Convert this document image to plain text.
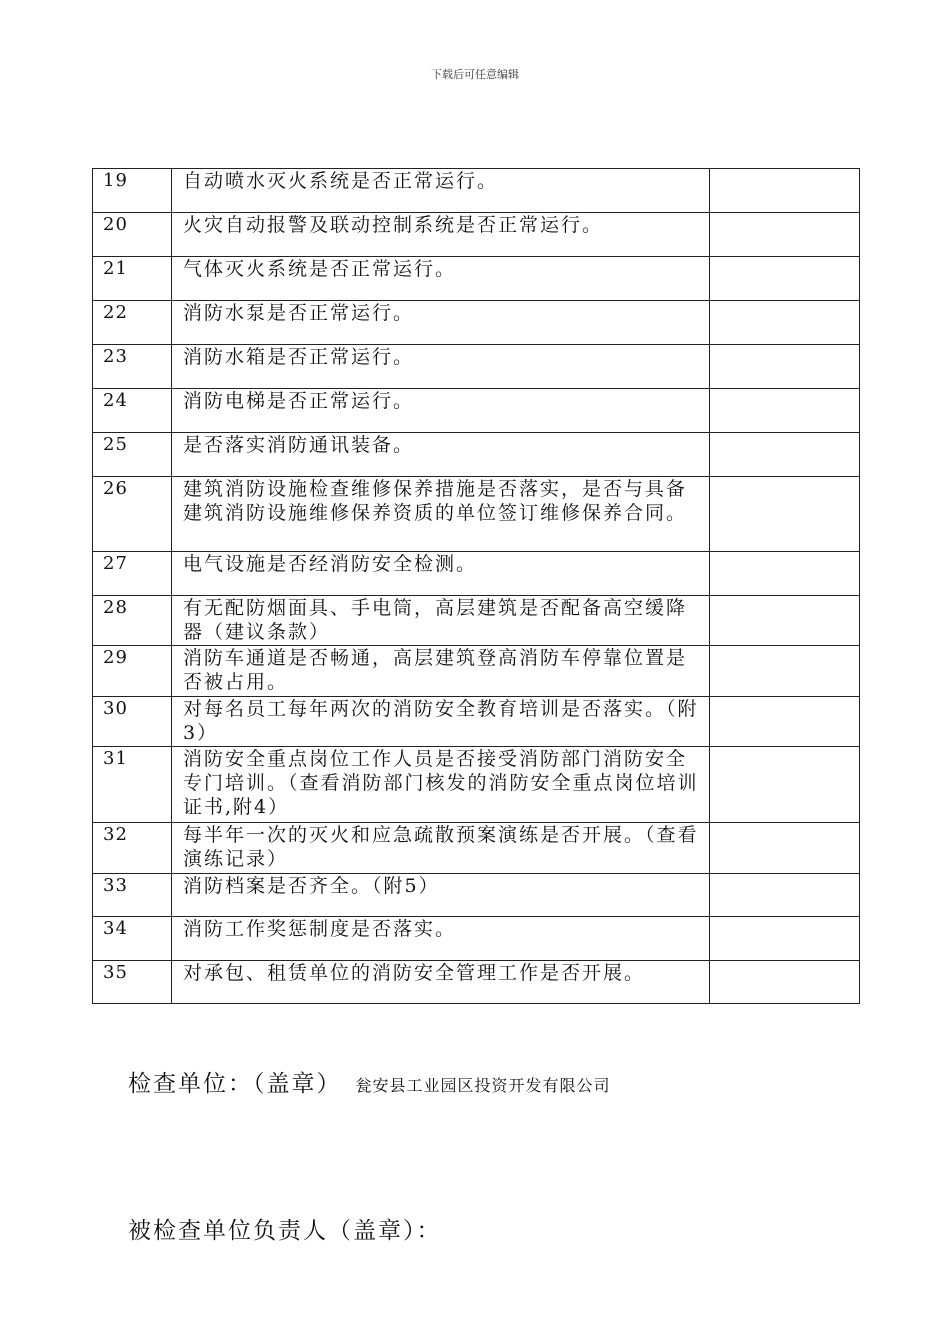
下载后可任意编辑
19	自动喷水灭火系统是否正常运行。	
20	火灾自动报警及联动控制系统是否正常运行。	
21	气体灭火系统是否正常运行。	
22	消防水泵是否正常运行。	
23	消防水箱是否正常运行。	
24	消防电梯是否正常运行。	
25	是否落实消防通讯装备。	
26	建筑消防设施检查维修保养措施是否落实，是否与具备建筑消防设施维修保养资质的单位签订维修保养合同。	
27	电气设施是否经消防安全检测。	
28	有无配防烟面具、手电筒，高层建筑是否配备高空缓降器（建议条款）	
29	消防车通道是否畅通，高层建筑登高消防车停靠位置是否被占用。	
30	对每名员工每年两次的消防安全教育培训是否落实。（附3）	
31	消防安全重点岗位工作人员是否接受消防部门消防安全专门培训。（查看消防部门核发的消防安全重点岗位培训证书,附4）	
32	每半年一次的灭火和应急疏散预案演练是否开展。（查看演练记录）	
33	消防档案是否齐全。（附5）	
34	消防工作奖惩制度是否落实。	
35	对承包、租赁单位的消防安全管理工作是否开展。	
检查单位：（盖章） 瓮安县工业园区投资开发有限公司
被检查单位负责人（盖章）：
